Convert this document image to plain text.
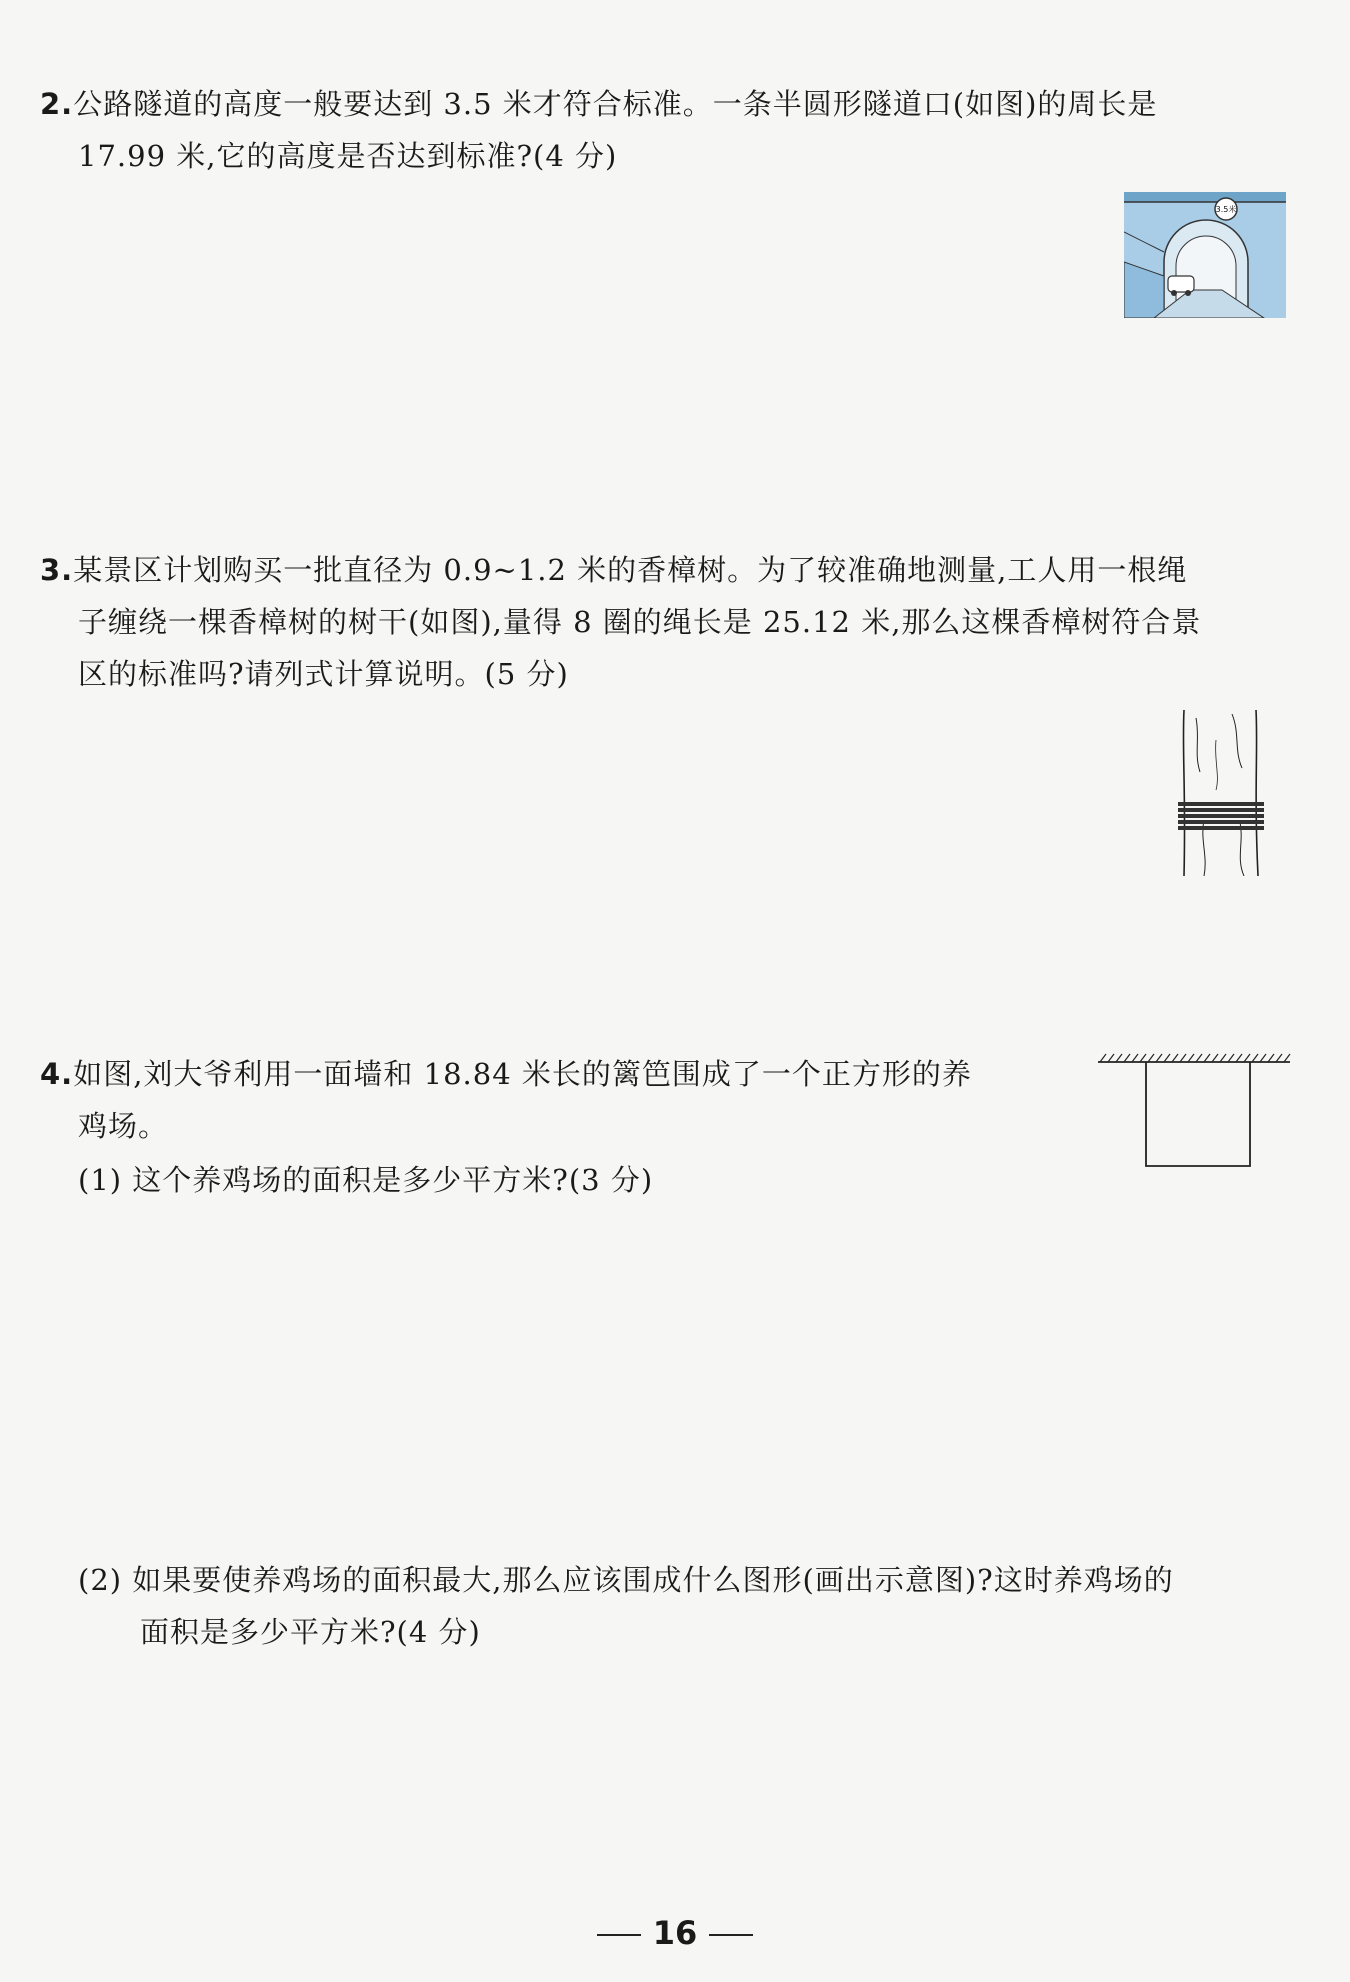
2.公路隧道的高度一般要达到 3.5 米才符合标准。一条半圆形隧道口(如图)的周长是
17.99 米,它的高度是否达到标准?(4 分)
3.5米
3.某景区计划购买一批直径为 0.9~1.2 米的香樟树。为了较准确地测量,工人用一根绳
子缠绕一棵香樟树的树干(如图),量得 8 圈的绳长是 25.12 米,那么这棵香樟树符合景
区的标准吗?请列式计算说明。(5 分)
4.如图,刘大爷利用一面墙和 18.84 米长的篱笆围成了一个正方形的养
鸡场。
(1) 这个养鸡场的面积是多少平方米?(3 分)
(2) 如果要使养鸡场的面积最大,那么应该围成什么图形(画出示意图)?这时养鸡场的
面积是多少平方米?(4 分)
16
